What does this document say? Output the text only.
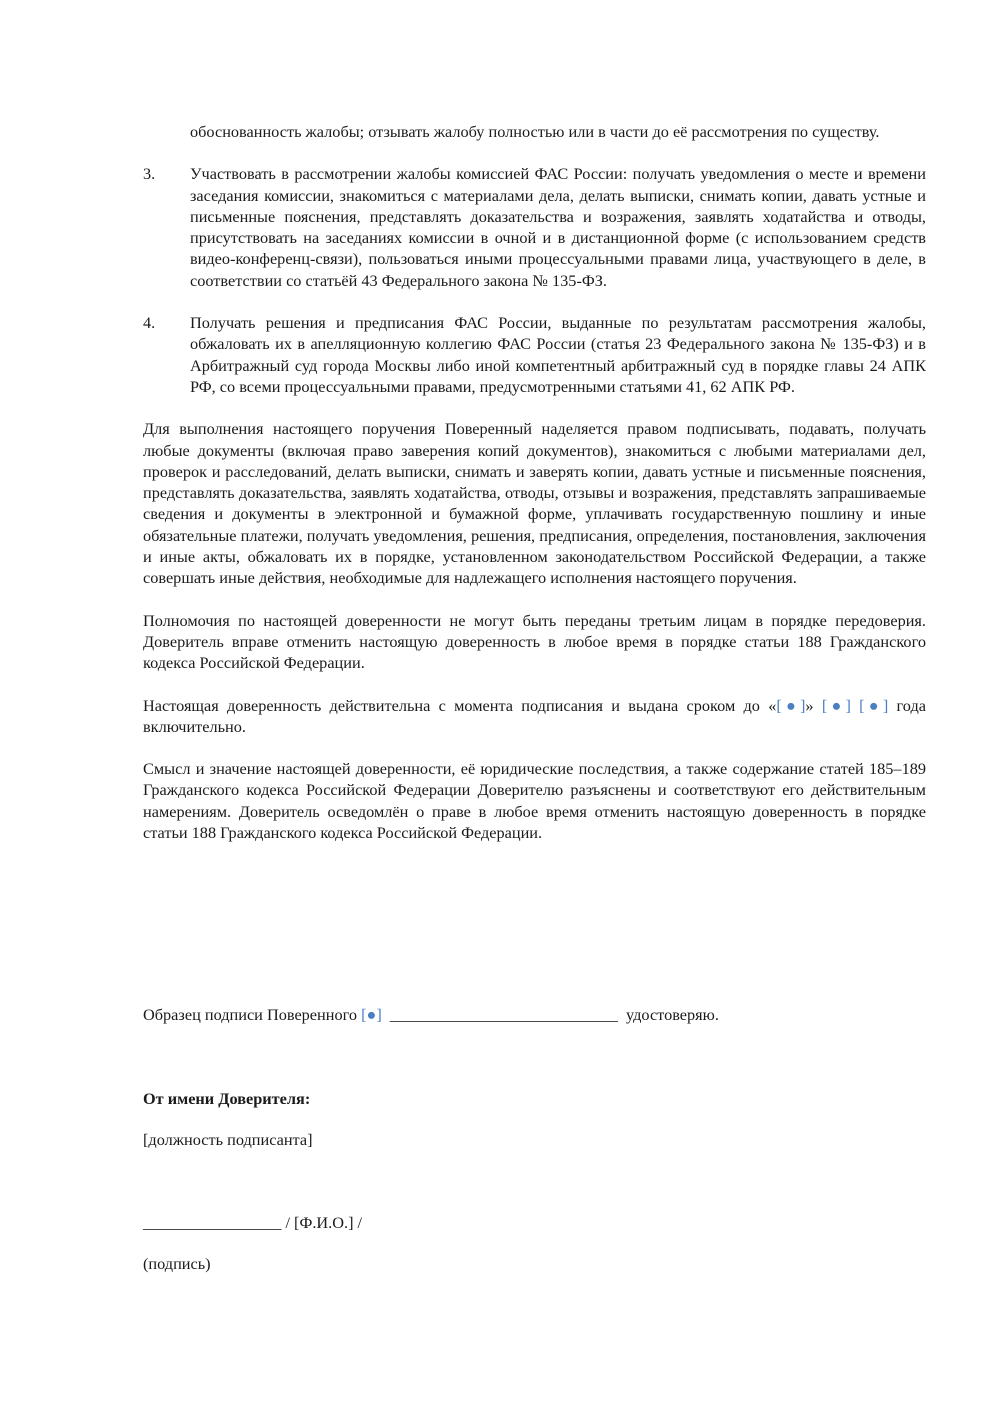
обоснованность жалобы; отзывать жалобу полностью или в части до её рассмотрения по существу.

3.	Участвовать в рассмотрении жалобы комиссией ФАС России: получать уведомления о месте и времени заседания комиссии, знакомиться с материалами дела, делать выписки, снимать копии, давать устные и письменные пояснения, представлять доказательства и возражения, заявлять ходатайства и отводы, присутствовать на заседаниях комиссии в очной и в дистанционной форме (с использованием средств видео-конференц-связи), пользоваться иными процессуальными правами лица, участвующего в деле, в соответствии со статьёй 43 Федерального закона № 135-ФЗ.
4.	Получать решения и предписания ФАС России, выданные по результатам рассмотрения жалобы, обжаловать их в апелляционную коллегию ФАС России (статья 23 Федерального закона № 135-ФЗ) и в Арбитражный суд города Москвы либо иной компетентный арбитражный суд в порядке главы 24 АПК РФ, со всеми процессуальными правами, предусмотренными статьями 41, 62 АПК РФ.

Для выполнения настоящего поручения Поверенный наделяется правом подписывать, подавать, получать любые документы (включая право заверения копий документов), знакомиться с любыми материалами дел, проверок и расследований, делать выписки, снимать и заверять копии, давать устные и письменные пояснения, представлять доказательства, заявлять ходатайства, отводы, отзывы и возражения, представлять запрашиваемые сведения и документы в электронной и бумажной форме, уплачивать государственную пошлину и иные обязательные платежи, получать уведомления, решения, предписания, определения, постановления, заключения и иные акты, обжаловать их в порядке, установленном законодательством Российской Федерации, а также совершать иные действия, необходимые для надлежащего исполнения настоящего поручения.

Полномочия по настоящей доверенности не могут быть переданы третьим лицам в порядке передоверия. Доверитель вправе отменить настоящую доверенность в любое время в порядке статьи 188 Гражданского кодекса Российской Федерации.

Настоящая доверенность действительна с момента подписания и выдана сроком до «[●]» [●] [●] года включительно.

Смысл и значение настоящей доверенности, её юридические последствия, а также содержание статей 185–189 Гражданского кодекса Российской Федерации Доверителю разъяснены и соответствуют его действительным намерениям. Доверитель осведомлён о праве в любое время отменить настоящую доверенность в порядке статьи 188 Гражданского кодекса Российской Федерации.

Образец подписи Поверенного [●]  ____________________________  удостоверяю.
От имени Доверителя:
[должность подписанта]
_________________ / [Ф.И.О.] /
(подпись)
